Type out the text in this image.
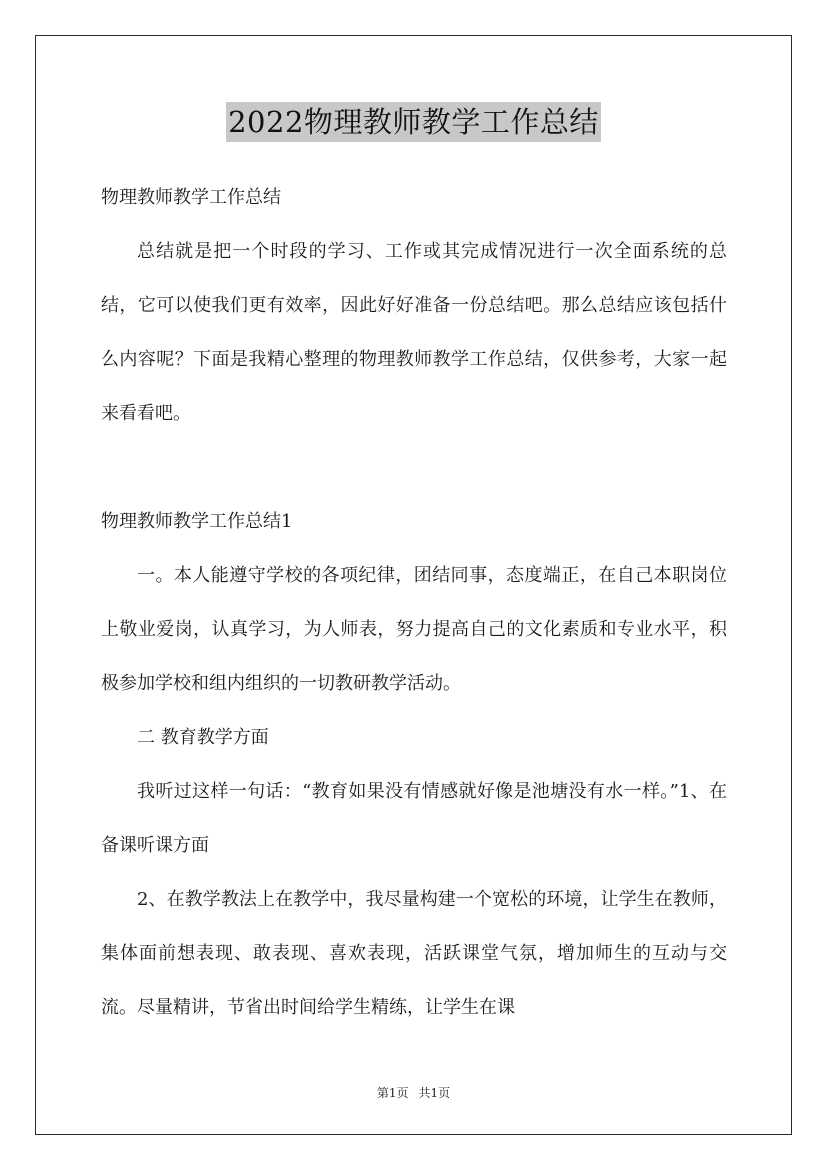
2022物理教师教学工作总结

物理教师教学工作总结

总结就是把一个时段的学习、工作或其完成情况进行一次全面系统的总结，它可以使我们更有效率，因此好好准备一份总结吧。那么总结应该包括什么内容呢？下面是我精心整理的物理教师教学工作总结，仅供参考，大家一起来看看吧。

物理教师教学工作总结1

一。本人能遵守学校的各项纪律，团结同事，态度端正，在自己本职岗位上敬业爱岗，认真学习，为人师表，努力提高自己的文化素质和专业水平，积极参加学校和组内组织的一切教研教学活动。

二 教育教学方面

我听过这样一句话：“教育如果没有情感就好像是池塘没有水一样。”1、在备课听课方面

2、在教学教法上在教学中，我尽量构建一个宽松的环境，让学生在教师，集体面前想表现、敢表现、喜欢表现，活跃课堂气氛，增加师生的互动与交流。尽量精讲，节省出时间给学生精练，让学生在课

第1页 共1页
